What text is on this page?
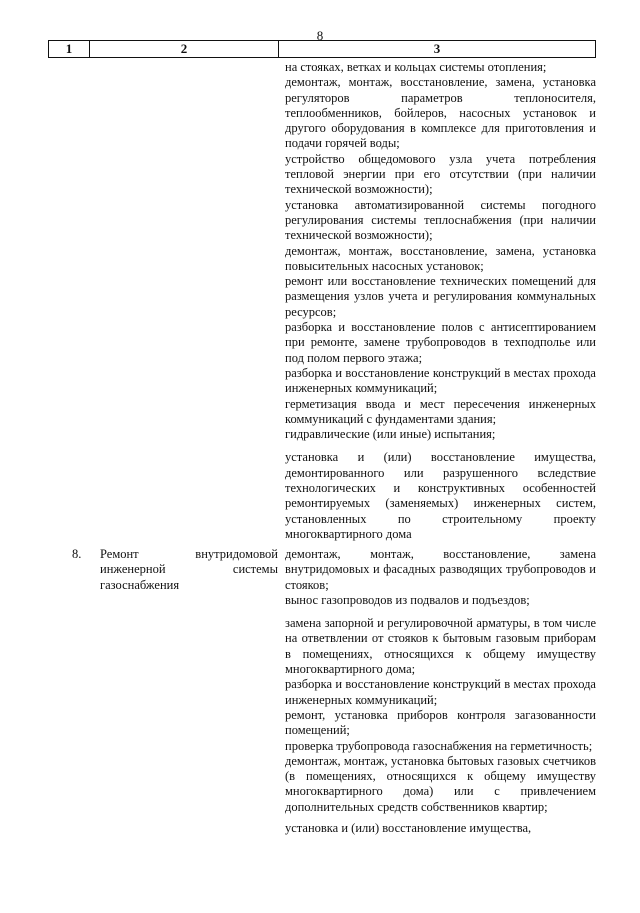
8
1	2	3

на стояках, ветках и кольцах системы отопления;

демонтаж, монтаж, восстановление, замена, установка регуляторов параметров теплоносителя, теплообменников, бойлеров, насосных установок и другого оборудования в комплексе для приготовления и подачи горячей воды;

устройство общедомового узла учета потребления тепловой энергии при его отсутствии (при наличии технической возможности);

установка автоматизированной системы погодного регулирования системы теплоснабжения (при наличии технической возможности);

демонтаж, монтаж, восстановление, замена, установка повысительных насосных установок;

ремонт или восстановление технических помещений для размещения узлов учета и регулирования коммунальных ресурсов;

разборка и восстановление полов с антисептированием при ремонте, замене трубопроводов в техподполье или под полом первого этажа;

разборка и восстановление конструкций в местах прохода инженерных коммуникаций;

герметизация ввода и мест пересечения инженерных коммуникаций с фундаментами здания;

гидравлические (или иные) испытания;

установка и (или) восстановление имущества, демонтированного или разрушенного вследствие технологических и конструктивных особенностей ремонтируемых (заменяемых) инженерных систем, установленных по строительному проекту многоквартирного дома

8. Ремонт внутридомовой инженерной системы газоснабжения

демонтаж, монтаж, восстановление, замена внутридомовых и фасадных разводящих трубопроводов и стояков;

вынос газопроводов из подвалов и подъездов;

замена запорной и регулировочной арматуры, в том числе на ответвлении от стояков к бытовым газовым приборам в помещениях, относящихся к общему имуществу многоквартирного дома;

разборка и восстановление конструкций в местах прохода инженерных коммуникаций;

ремонт, установка приборов контроля загазованности помещений;

проверка трубопровода газоснабжения на герметичность;

демонтаж, монтаж, установка бытовых газовых счетчиков (в помещениях, относящихся к общему имуществу многоквартирного дома) или с привлечением дополнительных средств собственников квартир;

установка и (или) восстановление имущества,
